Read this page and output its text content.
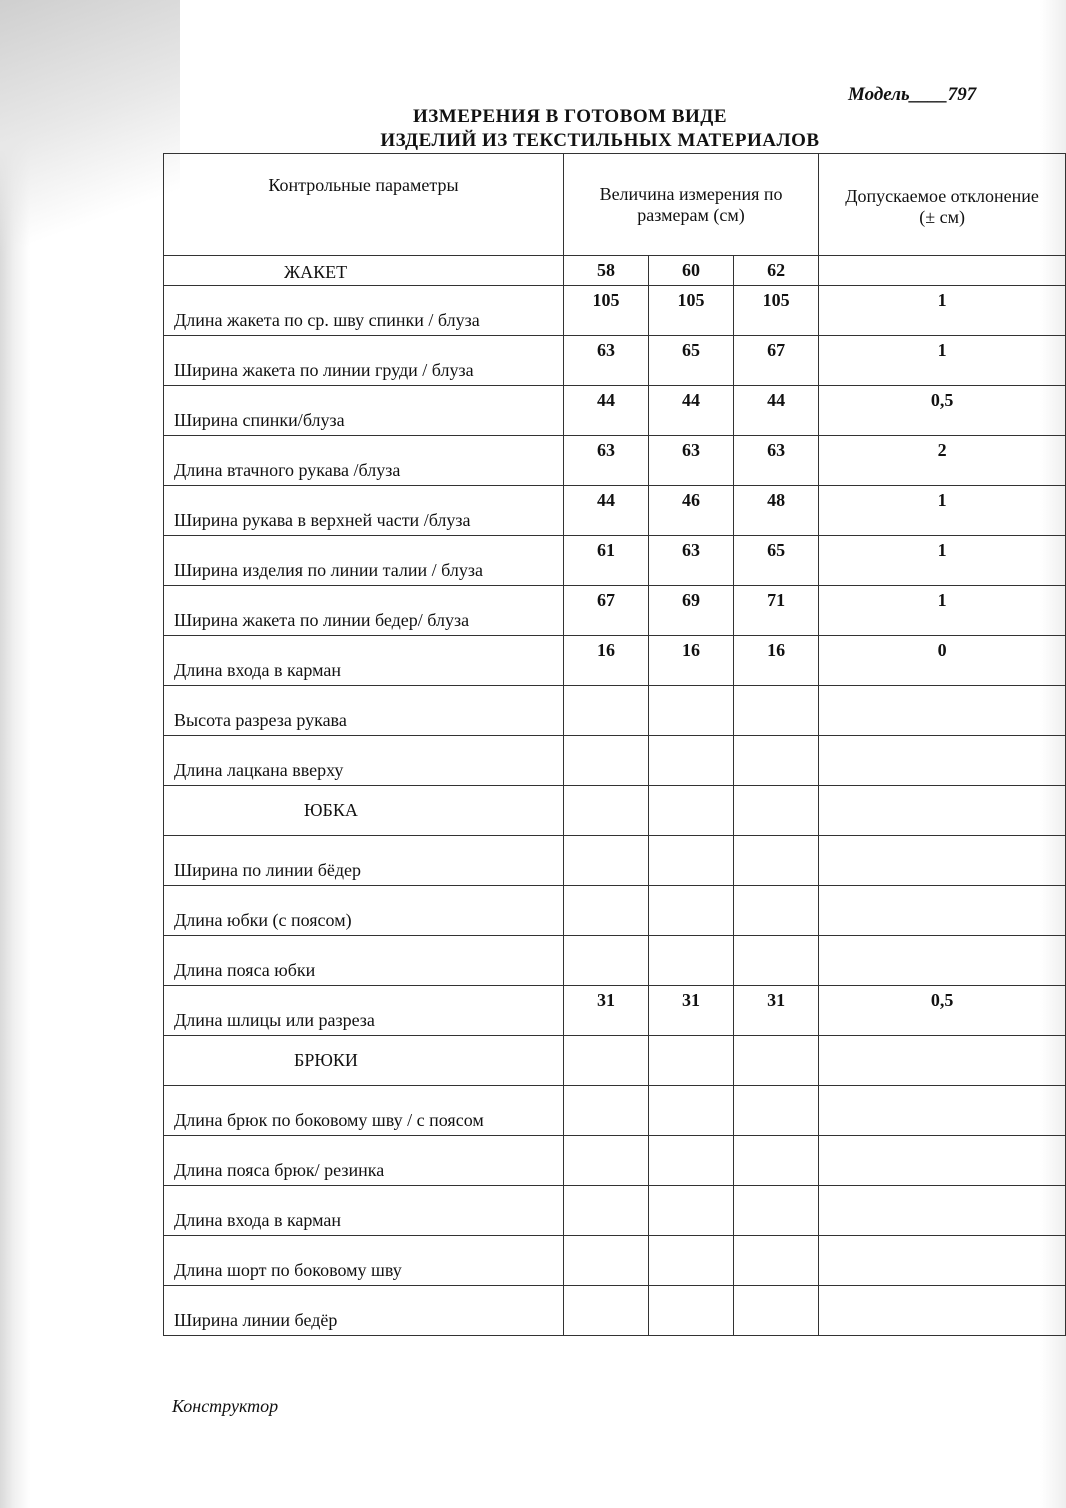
Модель____797
ИЗМЕРЕНИЯ В ГОТОВОМ ВИДЕ
ИЗДЕЛИЙ ИЗ ТЕКСТИЛЬНЫХ МАТЕРИАЛОВ
Контрольные параметры	Величина измерения по размерам (см)			Допускаемое отклонение (± см)

ЖАКЕТ	58	60	62	

Длина жакета по ср. шву спинки / блуза	105	105	105	1

Ширина жакета по линии груди / блуза	63	65	67	1

Ширина спинки/блуза	44	44	44	0,5

Длина втачного рукава /блуза	63	63	63	2

Ширина рукава в верхней части /блуза	44	46	48	1

Ширина изделия по линии талии / блуза	61	63	65	1

Ширина жакета по линии бедер/ блуза	67	69	71	1

Длина входа в карман	16	16	16	0

Высота разреза рукава				

Длина лацкана вверху				

ЮБКА				

Ширина по линии бёдер				

Длина юбки (с поясом)				

Длина пояса юбки				

Длина шлицы или разреза	31	31	31	0,5

БРЮКИ				

Длина брюк по боковому шву / с поясом				

Длина пояса брюк/ резинка				

Длина входа в карман				

Длина шорт по боковому шву				

Ширина линии бедёр				

Конструктор
